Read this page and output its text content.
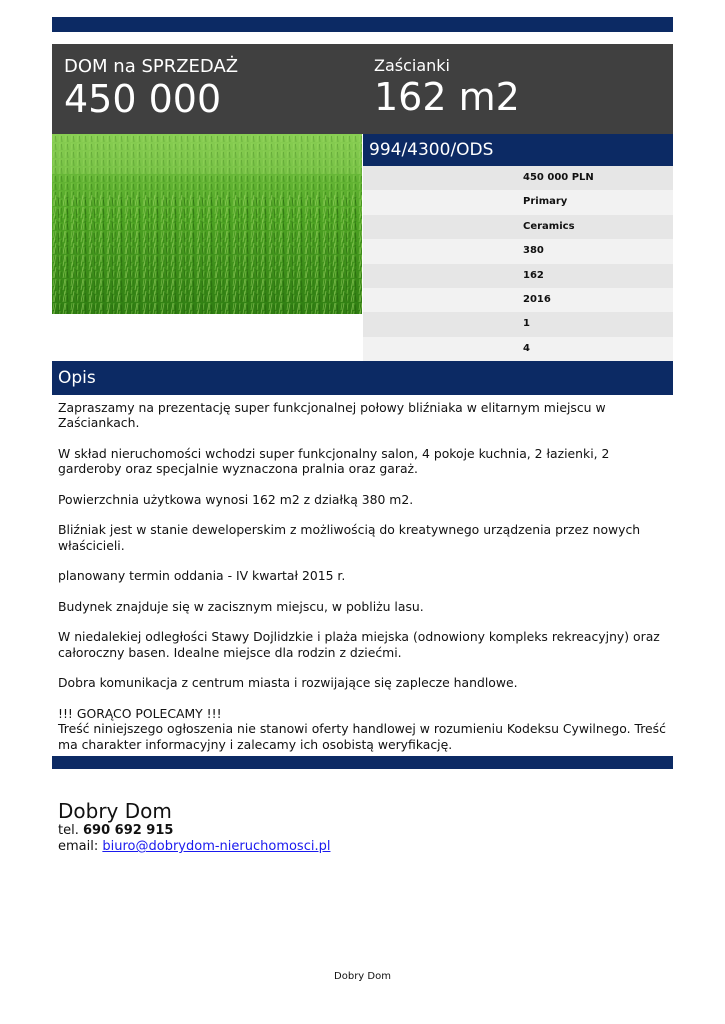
DOM na SPRZEDAŻ
450 000
Zaścianki
162 m2
994/4300/ODS
450 000 PLN
Primary
Ceramics
380
162
2016
1
4
Opis

Zapraszamy na prezentację super funkcjonalnej połowy bliźniaka w elitarnym miejscu w Zaściankach.

W skład nieruchomości wchodzi super funkcjonalny salon, 4 pokoje kuchnia, 2 łazienki, 2 garderoby oraz specjalnie wyznaczona pralnia oraz garaż.

Powierzchnia użytkowa wynosi 162 m2 z działką 380 m2.

Bliźniak jest w stanie deweloperskim z możliwością do kreatywnego urządzenia przez nowych właścicieli.

planowany termin oddania - IV kwartał 2015 r.

Budynek znajduje się w zacisznym miejscu, w pobliżu lasu.

W niedalekiej odległości Stawy Dojlidzkie i plaża miejska (odnowiony kompleks rekreacyjny) oraz całoroczny basen. Idealne miejsce dla rodzin z dziećmi.

Dobra komunikacja z centrum miasta i rozwijające się zaplecze handlowe.

!!! GORĄCO POLECAMY !!!
Treść niniejszego ogłoszenia nie stanowi oferty handlowej w rozumieniu Kodeksu Cywilnego. Treść ma charakter informacyjny i zalecamy ich osobistą weryfikację.

Dobry Dom
tel. 690 692 915
email: biuro@dobrydom-nieruchomosci.pl
Dobry Dom
